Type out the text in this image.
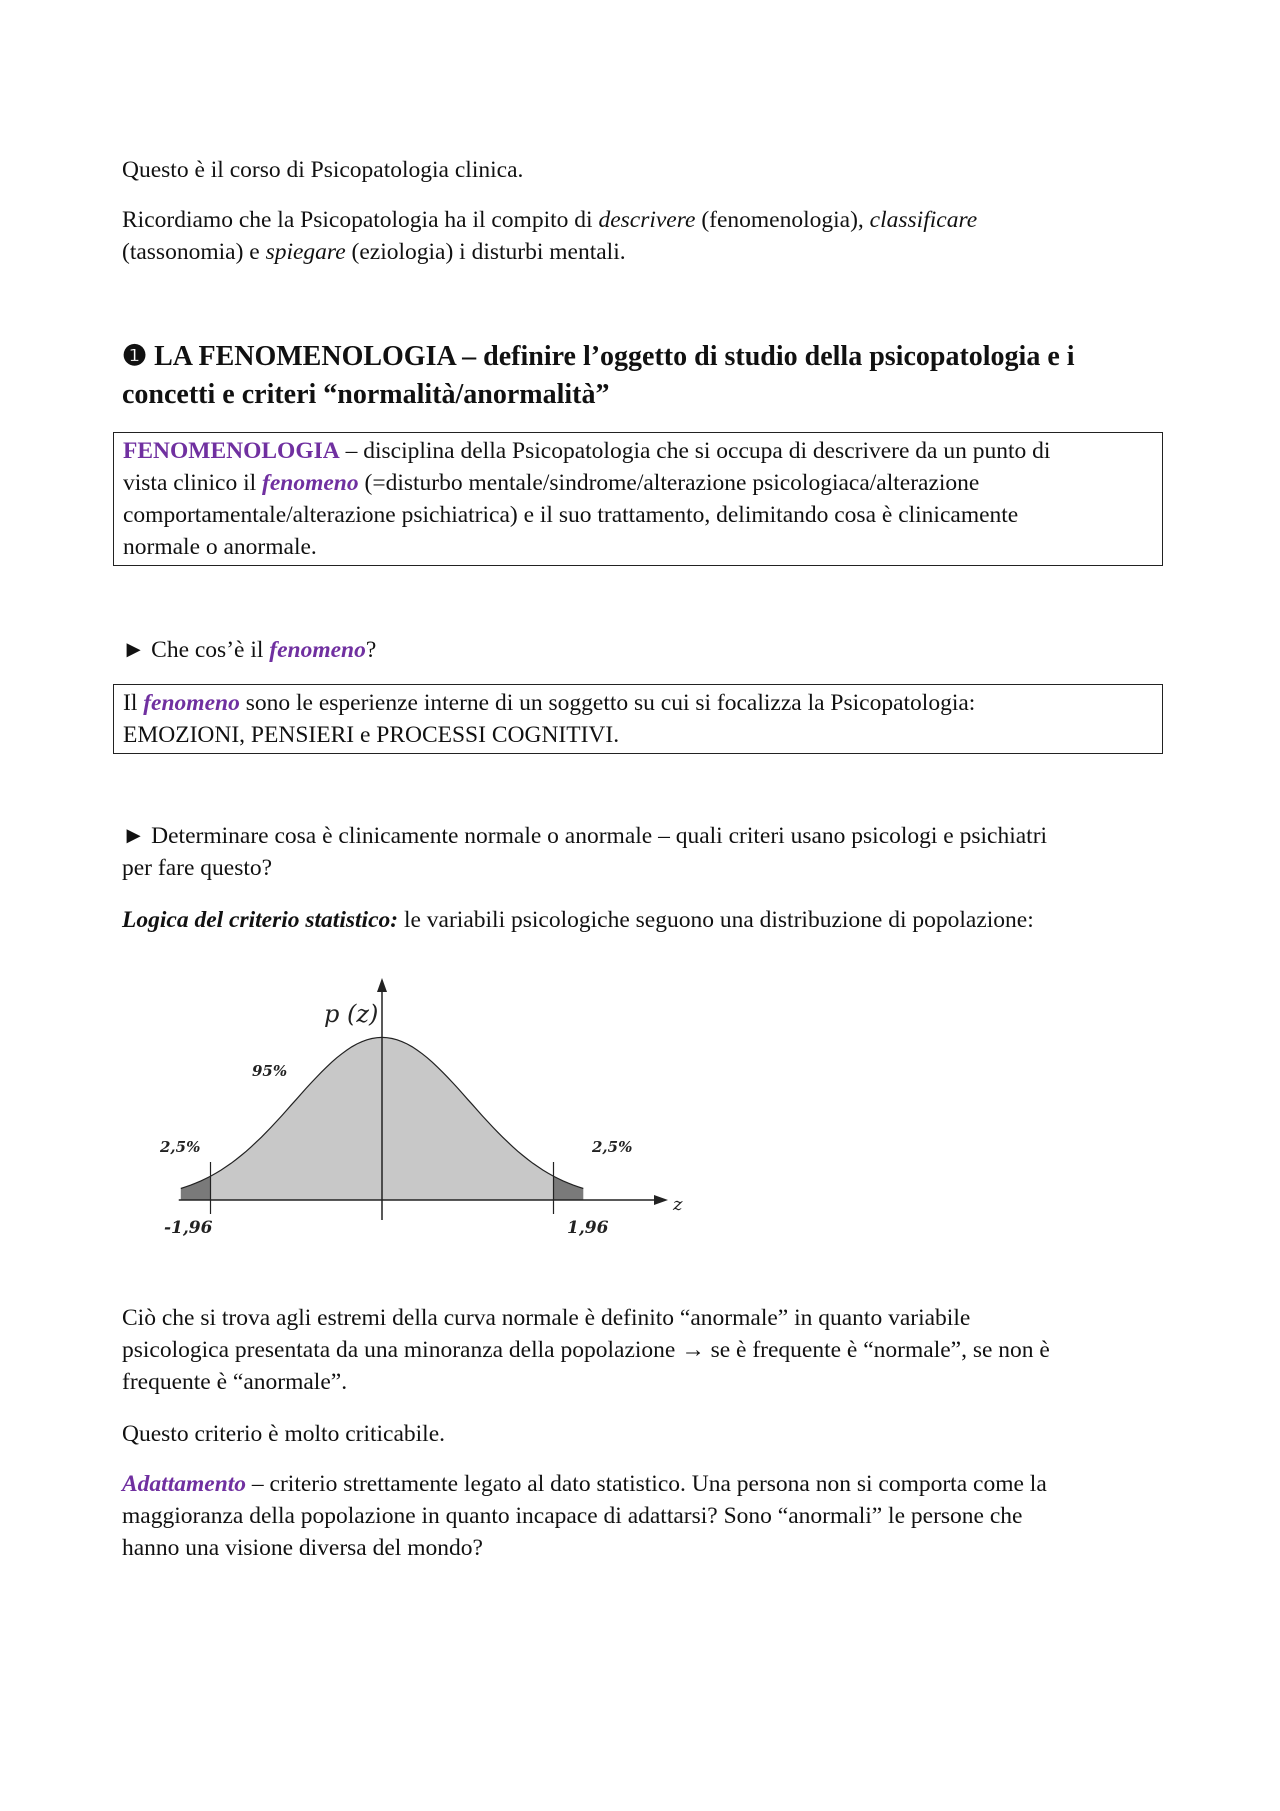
Questo è il corso di Psicopatologia clinica.

Ricordiamo che la Psicopatologia ha il compito di descrivere (fenomenologia), classificare
(tassonomia) e spiegare (eziologia) i disturbi mentali.

❶ LA FENOMENOLOGIA – definire l’oggetto di studio della psicopatologia e i
concetti e criteri “normalità/anormalità”
FENOMENOLOGIA – disciplina della Psicopatologia che si occupa di descrivere da un punto di
vista clinico il fenomeno (=disturbo mentale/sindrome/alterazione psicologiaca/alterazione
comportamentale/alterazione psichiatrica) e il suo trattamento, delimitando cosa è clinicamente
normale o anormale.

► Che cos’è il fenomeno?

Il fenomeno sono le esperienze interne di un soggetto su cui si focalizza la Psicopatologia:
EMOZIONI, PENSIERI e PROCESSI COGNITIVI.

► Determinare cosa è clinicamente normale o anormale – quali criteri usano psicologi e psichiatri
per fare questo?

Logica del criterio statistico: le variabili psicologiche seguono una distribuzione di popolazione:

p (z)
z
95%
2,5%	2,5%
-1,96	1,96

Ciò che si trova agli estremi della curva normale è definito “anormale” in quanto variabile
psicologica presentata da una minoranza della popolazione → se è frequente è “normale”, se non è
frequente è “anormale”.

Questo criterio è molto criticabile.

Adattamento – criterio strettamente legato al dato statistico. Una persona non si comporta come la
maggioranza della popolazione in quanto incapace di adattarsi? Sono “anormali” le persone che
hanno una visione diversa del mondo?
